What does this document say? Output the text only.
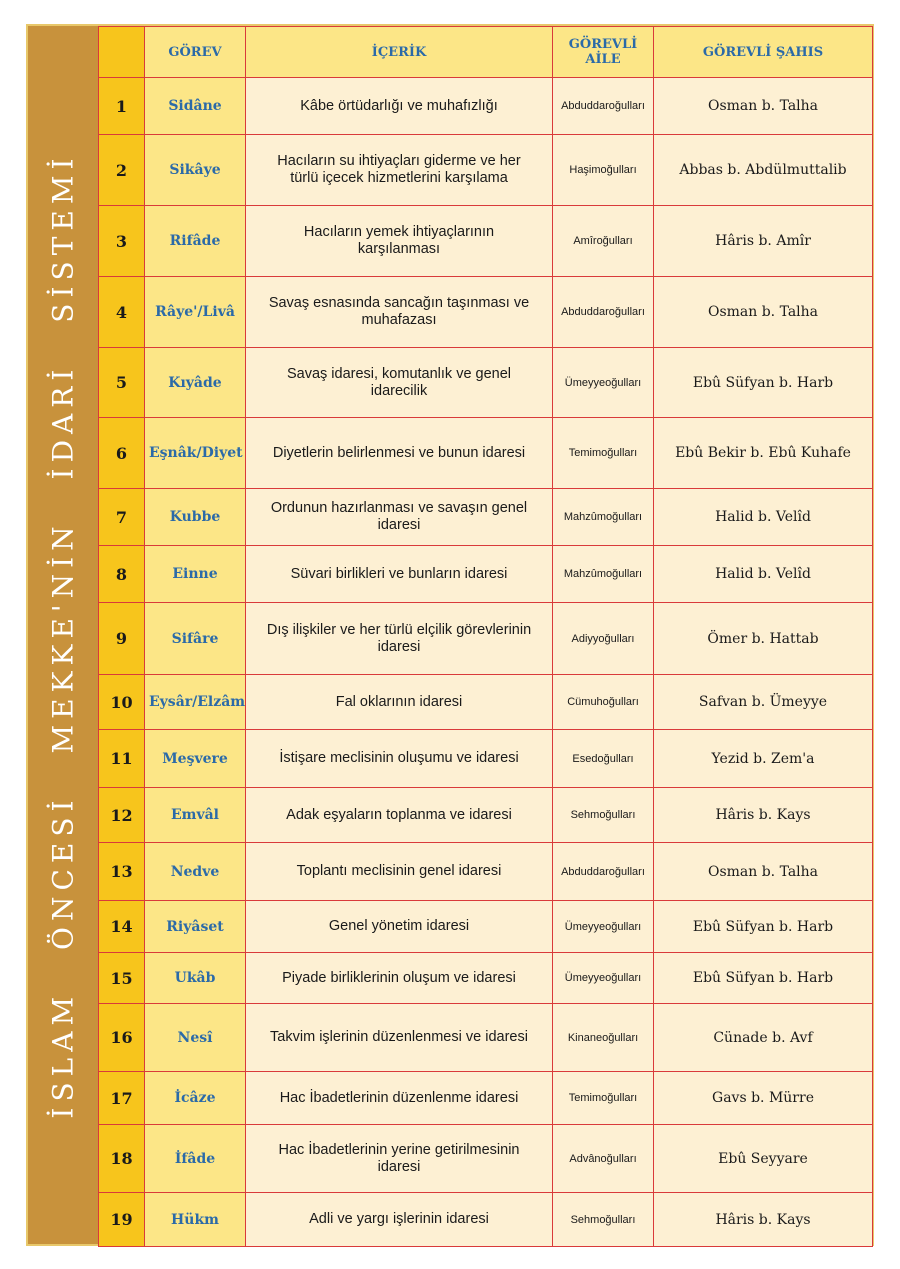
İSLAM ÖNCESİ MEKKE'NİN İDARİ SİSTEMİ
	GÖREV	İÇERİK	GÖREVLİ AİLE	GÖREVLİ ŞAHIS
1	Sidâne	Kâbe örtüdarlığı ve muhafızlığı	Abduddaroğulları	Osman b. Talha
2	Sikâye	Hacıların su ihtiyaçları giderme ve her türlü içecek hizmetlerini karşılama	Haşimoğulları	Abbas b. Abdülmuttalib
3	Rifâde	Hacıların yemek ihtiyaçlarının karşılanması	Amîroğulları	Hâris b. Amîr
4	Râye'/Livâ	Savaş esnasında sancağın taşınması ve muhafazası	Abduddaroğulları	Osman b. Talha
5	Kıyâde	Savaş idaresi, komutanlık ve genel idarecilik	Ümeyyeoğulları	Ebû Süfyan b. Harb
6	Eşnâk/Diyet	Diyetlerin belirlenmesi ve bunun idaresi	Temimoğulları	Ebû Bekir b. Ebû Kuhafe
7	Kubbe	Ordunun hazırlanması ve savaşın genel idaresi	Mahzûmoğulları	Halid b. Velîd
8	Einne	Süvari birlikleri ve bunların idaresi	Mahzûmoğulları	Halid b. Velîd
9	Sifâre	Dış ilişkiler ve her türlü elçilik görevlerinin idaresi	Adiyyoğulları	Ömer b. Hattab
10	Eysâr/Elzâm	Fal oklarının idaresi	Cümuhoğulları	Safvan b. Ümeyye
11	Meşvere	İstişare meclisinin oluşumu ve idaresi	Esedoğulları	Yezid b. Zem'a
12	Emvâl	Adak eşyaların toplanma ve idaresi	Sehmoğulları	Hâris b. Kays
13	Nedve	Toplantı meclisinin genel idaresi	Abduddaroğulları	Osman b. Talha
14	Riyâset	Genel yönetim idaresi	Ümeyyeoğulları	Ebû Süfyan b. Harb
15	Ukâb	Piyade birliklerinin oluşum ve idaresi	Ümeyyeoğulları	Ebû Süfyan b. Harb
16	Nesî	Takvim işlerinin düzenlenmesi ve idaresi	Kinaneoğulları	Cünade b. Avf
17	İcâze	Hac İbadetlerinin düzenlenme idaresi	Temimoğulları	Gavs b. Mürre
18	İfâde	Hac İbadetlerinin yerine getirilmesinin idaresi	Advânoğulları	Ebû Seyyare
19	Hükm	Adli ve yargı işlerinin idaresi	Sehmoğulları	Hâris b. Kays
